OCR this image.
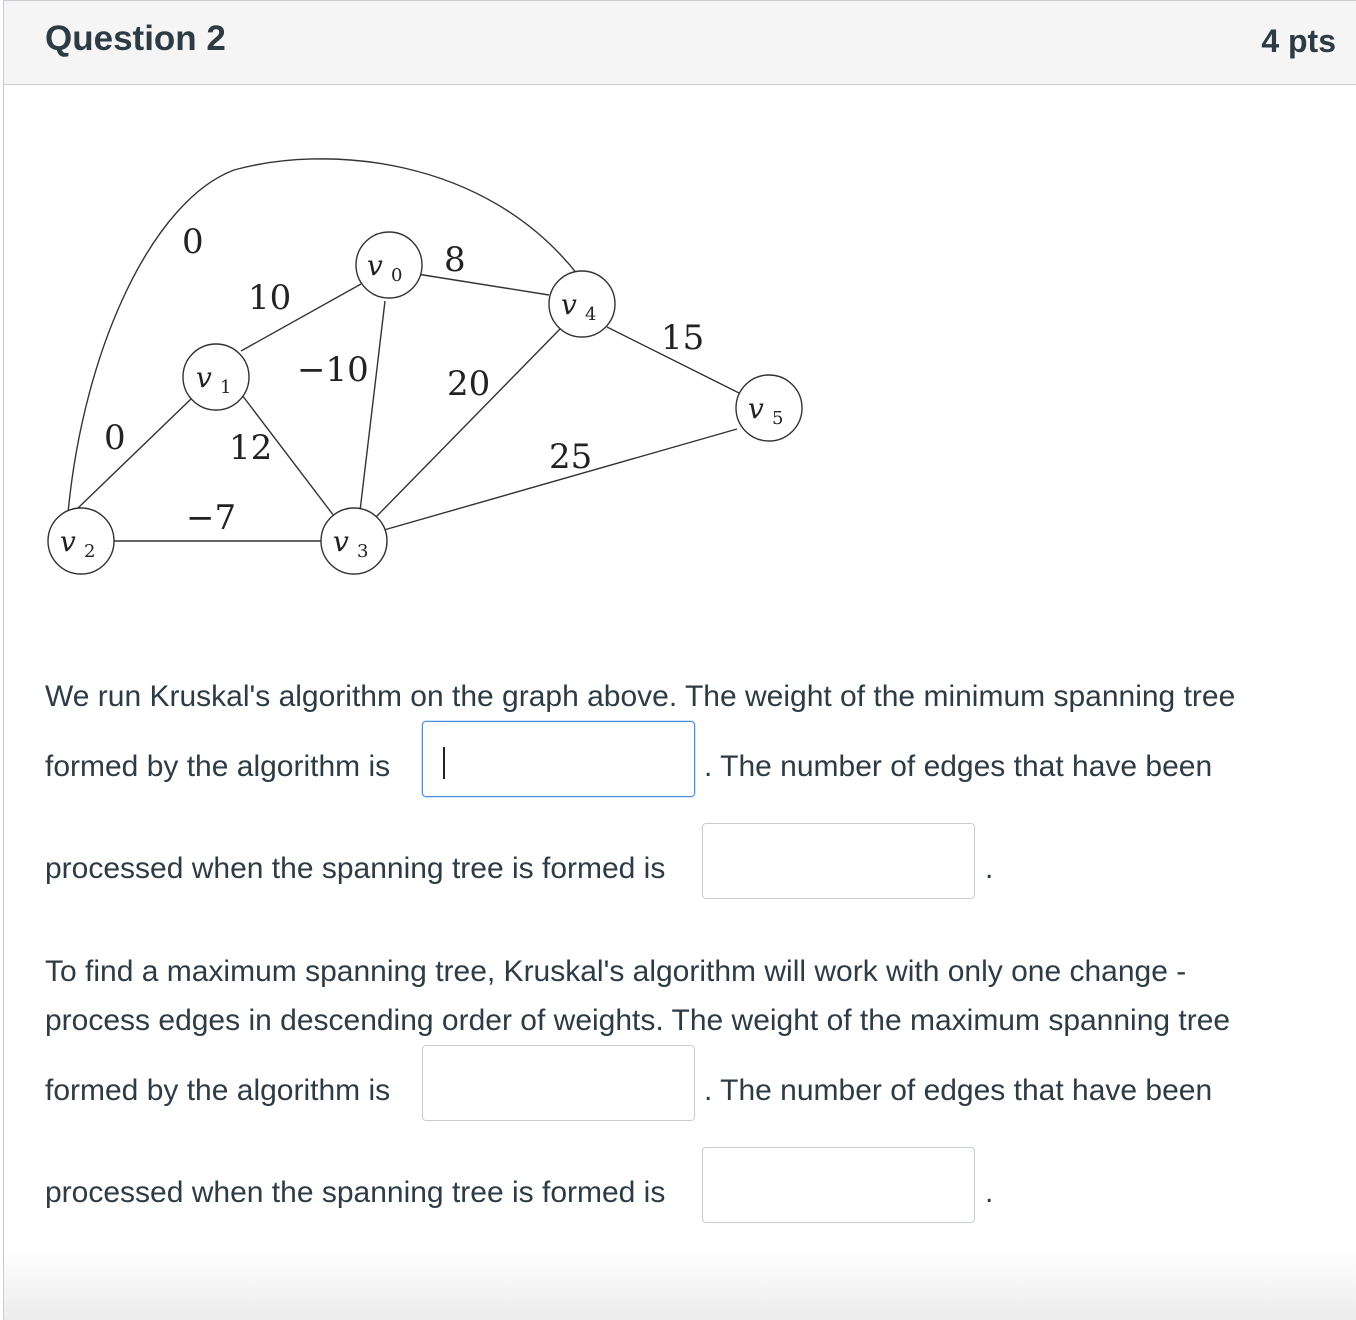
Question 2	4 pts
0
10
8
15
−10 20
0	12	25
−7
v 0
v 1
v 2	v 3
v 4
v 5
We run Kruskal's algorithm on the graph above. The weight of the minimum spanning tree
formed by the algorithm is	. The number of edges that have been
processed when the spanning tree is formed is	.
To find a maximum spanning tree, Kruskal's algorithm will work with only one change -
process edges in descending order of weights. The weight of the maximum spanning tree
formed by the algorithm is	. The number of edges that have been
processed when the spanning tree is formed is	.
